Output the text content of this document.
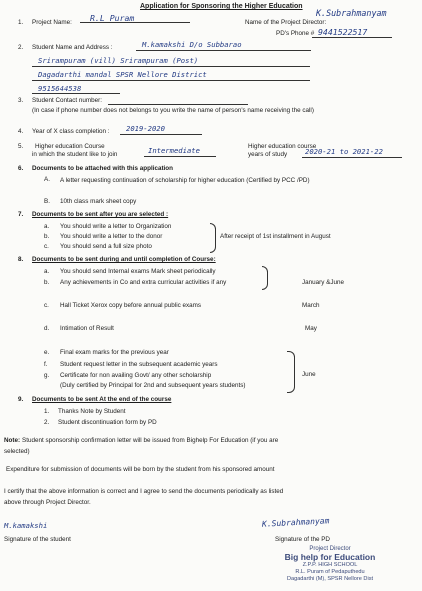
Application for Sponsoring the Higher Education
1. Project Name: R.L Puram	Name of the Project Director:
K.Subrahmanyam
PD's Phone # 9441522517
2. Student Name and Address :	M.kamakshi D/o Subbarao
Srirampuram (vill) Srirampuram (Post)
Dagadarthi mandal SPSR Nellore District
9515644538
3. Student Contact number:
(In case if phone number does not belongs to you write the name of person's name receiving the call)
4. Year of X class completion : 2019-2020
5. Higher education Course
in which the student like to join	Intermediate	Higher education course
years of study 2020-21 to 2021-22
6. Documents to be attached with this application
A. A letter requesting continuation of scholarship for higher education (Certified by PCC /PD)
B. 10th class mark sheet copy
7. Documents to be sent after you are selected :
a. You should write a letter to Organization
b. You should write a letter to the donor
c. You should send a full size photo
After receipt of 1st installment in August
8. Documents to be sent during and until completion of Course:
a. You should send Internal exams Mark sheet periodically
b. Any achievements in Co and extra curricular activities if any	January &June
c. Hall Ticket Xerox copy before annual public exams	March
d. Intimation of Result	May
e. Final exam marks for the previous year
f. Student request letter in the subsequent academic years
g. Certificate for non availing Govt/ any other scholarship
(Duly certified by Principal for 2nd and subsequent years students)
June
9. Documents to be sent At the end of the course
1. Thanks Note by Student
2. Student discontinuation form by PD
Note: Student sponsorship confirmation letter will be issued from Bighelp For Education (if you are
selected)
Expenditure for submission of documents will be born by the student from his sponsored amount
I certify that the above information is correct and I agree to send the documents periodically as listed
above through Project Director.
M.kamakshi
Signature of the student
K.Subrahmanyam
Signature of the PD
Project Director
Big help for Education
Z.P.P. HIGH SCHOOL
R.L. Puram of Pedaputhedu
Dagadarthi (M), SPSR Nellore Dist
